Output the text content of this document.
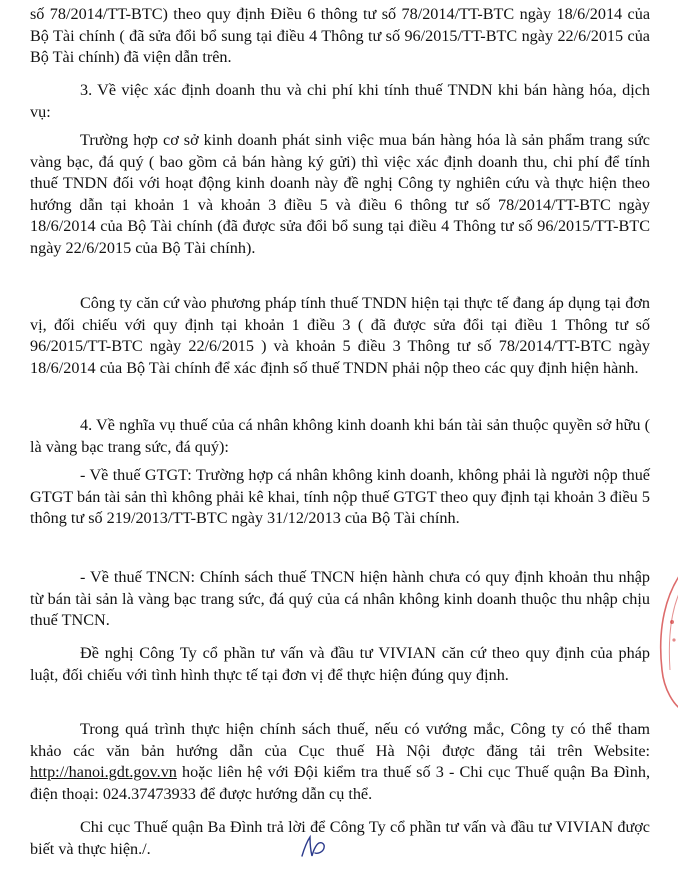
số 78/2014/TT-BTC) theo quy định Điều 6 thông tư số 78/2014/TT-BTC ngày 18/6/2014 của Bộ Tài chính ( đã sửa đổi bổ sung tại điều 4 Thông tư số 96/2015/TT-BTC ngày 22/6/2015 của Bộ Tài chính) đã viện dẫn trên.

3. Về việc xác định doanh thu và chi phí khi tính thuế TNDN khi bán hàng hóa, dịch vụ:

Trường hợp cơ sở kinh doanh phát sinh việc mua bán hàng hóa là sản phẩm trang sức vàng bạc, đá quý ( bao gồm cả bán hàng ký gửi) thì việc xác định doanh thu, chi phí để tính thuế TNDN đối với hoạt động kinh doanh này đề nghị Công ty nghiên cứu và thực hiện theo hướng dẫn tại khoản 1 và khoản 3 điều 5 và điều 6 thông tư số 78/2014/TT-BTC ngày 18/6/2014 của Bộ Tài chính (đã được sửa đổi bổ sung tại điều 4 Thông tư số 96/2015/TT-BTC ngày 22/6/2015 của Bộ Tài chính).

Công ty căn cứ vào phương pháp tính thuế TNDN hiện tại thực tế đang áp dụng tại đơn vị, đối chiếu với quy định tại khoản 1 điều 3 ( đã được sửa đổi tại điều 1 Thông tư số 96/2015/TT-BTC ngày 22/6/2015 ) và khoản 5 điều 3 Thông tư số 78/2014/TT-BTC ngày 18/6/2014 của Bộ Tài chính để xác định số thuế TNDN phải nộp theo các quy định hiện hành.

4. Về nghĩa vụ thuế của cá nhân không kinh doanh khi bán tài sản thuộc quyền sở hữu ( là vàng bạc trang sức, đá quý):

- Về thuế GTGT: Trường hợp cá nhân không kinh doanh, không phải là người nộp thuế GTGT bán tài sản thì không phải kê khai, tính nộp thuế GTGT theo quy định tại khoản 3 điều 5 thông tư số 219/2013/TT-BTC ngày 31/12/2013 của Bộ Tài chính.

- Về thuế TNCN: Chính sách thuế TNCN hiện hành chưa có quy định khoản thu nhập từ bán tài sản là vàng bạc trang sức, đá quý của cá nhân không kinh doanh thuộc thu nhập chịu thuế TNCN.

Đề nghị Công Ty cổ phần tư vấn và đầu tư VIVIAN căn cứ theo quy định của pháp luật, đối chiếu với tình hình thực tế tại đơn vị để thực hiện đúng quy định.

Trong quá trình thực hiện chính sách thuế, nếu có vướng mắc, Công ty có thể tham khảo các văn bản hướng dẫn của Cục thuế Hà Nội được đăng tải trên Website: http://hanoi.gdt.gov.vn hoặc liên hệ với Đội kiểm tra thuế số 3 - Chi cục Thuế quận Ba Đình, điện thoại: 024.37473933 để được hướng dẫn cụ thể.

Chi cục Thuế quận Ba Đình trả lời để Công Ty cổ phần tư vấn và đầu tư VIVIAN được biết và thực hiện./.
